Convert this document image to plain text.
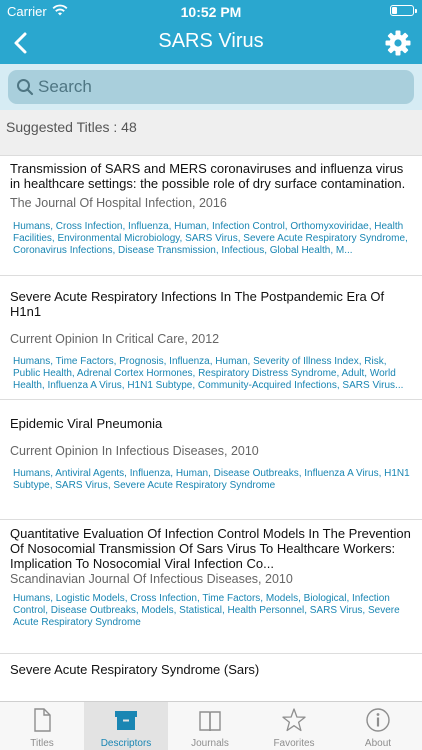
Carrier	10:52 PM
SARS Virus
Search
Suggested Titles : 48
Transmission of SARS and MERS coronaviruses and influenza virus in healthcare settings: the possible role of dry surface contamination.
The Journal Of Hospital Infection, 2016
Humans, Cross Infection, Influenza, Human, Infection Control, Orthomyxoviridae, Health Facilities, Environmental Microbiology, SARS Virus, Severe Acute Respiratory Syndrome, Coronavirus Infections, Disease Transmission, Infectious, Global Health, M...
Severe Acute Respiratory Infections In The Postpandemic Era Of H1n1
Current Opinion In Critical Care, 2012
Humans, Time Factors, Prognosis, Influenza, Human, Severity of Illness Index, Risk, Public Health, Adrenal Cortex Hormones, Respiratory Distress Syndrome, Adult, World Health, Influenza A Virus, H1N1 Subtype, Community-Acquired Infections, SARS Virus...
Epidemic Viral Pneumonia
Current Opinion In Infectious Diseases, 2010
Humans, Antiviral Agents, Influenza, Human, Disease Outbreaks, Influenza A Virus, H1N1 Subtype, SARS Virus, Severe Acute Respiratory Syndrome
Quantitative Evaluation Of Infection Control Models In The Prevention Of Nosocomial Transmission Of Sars Virus To Healthcare Workers: Implication To Nosocomial Viral Infection Co...
Scandinavian Journal Of Infectious Diseases, 2010
Humans, Logistic Models, Cross Infection, Time Factors, Models, Biological, Infection Control, Disease Outbreaks, Models, Statistical, Health Personnel, SARS Virus, Severe Acute Respiratory Syndrome
Severe Acute Respiratory Syndrome (Sars)
Titles	Descriptors	Journals	Favorites	About
